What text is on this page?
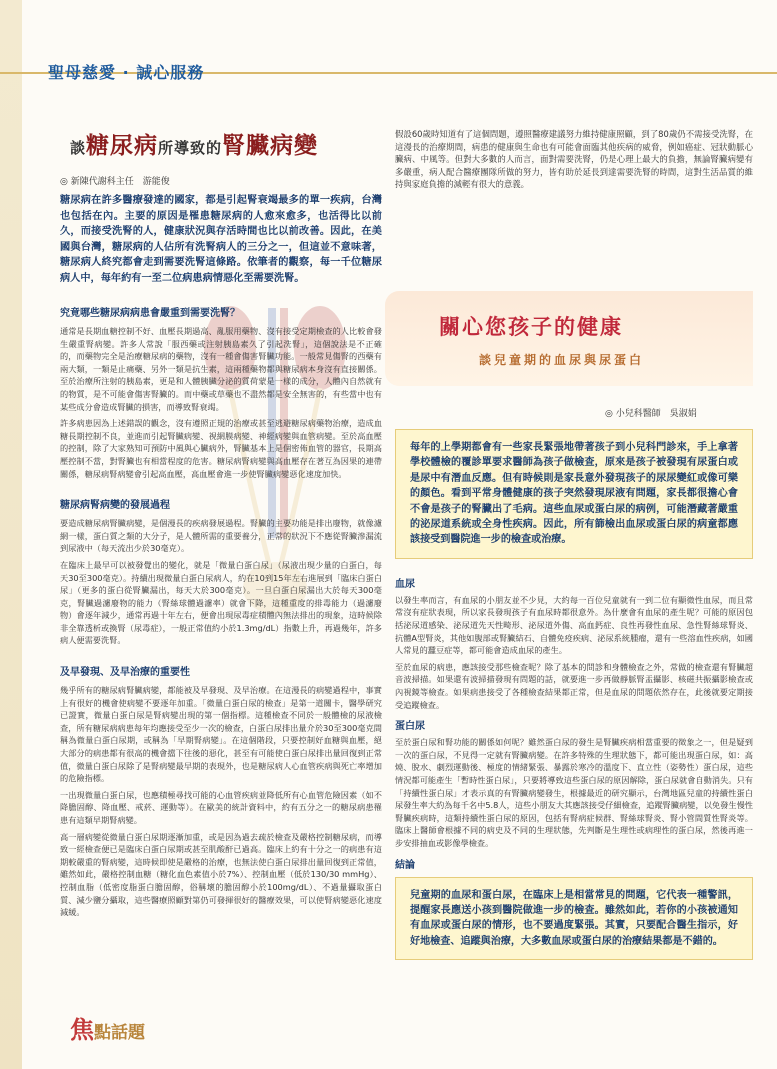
聖母慈愛 · 誠心服務
談糖尿病所導致的腎臟病變
◎ 新陳代謝科主任　游能俊

糖尿病在許多醫療發達的國家，都是引起腎衰竭最多的單一疾病，台灣也包括在內。主要的原因是罹患糖尿病的人愈來愈多，也活得比以前久，而接受洗腎的人，健康狀況與存活時間也比以前改善。因此，在美國與台灣，糖尿病的人佔所有洗腎病人的三分之一，但這並不意味著，糖尿病人終究都會走到需要洗腎這條路。依筆者的觀察，每一千位糖尿病人中，每年約有一至二位病患病情惡化至需要洗腎。

究竟哪些糖尿病病患會嚴重到需要洗腎？

通常是長期血糖控制不好、血壓長期過高、亂服用藥物、沒有接受定期檢查的人比較會發生嚴重腎病變。許多人常說「服西藥或注射胰島素久了引起洗腎」，這個說法是不正確的，而藥物完全是治療糖尿病的藥物，沒有一種會傷害腎臟功能。一般常見傷腎的西藥有兩大類，一類是止痛藥、另外一類是抗生素，這兩種藥物都與糖尿病本身沒有直接關係。至於治療所注射的胰島素，更是和人體胰臟分泌的質荷蒙是一樣的成分，人體內自然就有的物質，是不可能會傷害腎臟的。而中藥或草藥也不盡然都是安全無害的，有些當中也有某些成分會造成腎臟的損害，而導致腎衰竭。

許多病患因為上述錯誤的觀念，沒有遵照正規的治療或甚至逃避糖尿病藥物治療，造成血糖長期控制不良，並進而引起腎臟病變、視網膜病變、神經病變與血管病變。至於高血壓的控制，除了大家熟知可預防中風與心臟病外，腎臟基本上是個密佈血管的器官，長期高壓控制不當，對腎臟也有相當程度的危害。糖尿病腎病變與高血壓存在著互為因果的連帶關係，糖尿病腎病變會引起高血壓，高血壓會進一步使腎臟病變惡化速度加快。

糖尿病腎病變的發展過程

要造成糖尿病腎臟病變，是個漫長的疾病發展過程。腎臟的主要功能是排出廢物，就像濾網一樣，蛋白質之類的大分子，是人體所需的重要養分，正常的狀況下不應從腎臟滲漏流到尿液中（每天流出少於30毫克）。

在臨床上最早可以被發覺出的變化，就是「微量白蛋白尿」（尿液出現少量的白蛋白，每天30至300毫克）。持續出現微量白蛋白尿病人，約在10到15年左右進展到「臨床白蛋白尿」（更多的蛋白從腎臟漏出，每天大於300毫克）。一旦白蛋白尿漏出大於每天300毫克，腎臟過濾廢物的能力（腎絲球體過濾率）就會下降，這種重度的排毒能力（過濾廢物）會逐年減少，通常再過十年左右，便會出現尿毒症積體內無法排出的現象，這時候除非全靠透析或換腎（尿毒症），一般正常值約小於1.3mg/dL）指數上升，再過幾年，許多病人便需要洗腎。

及早發現、及早治療的重要性

幾乎所有的糖尿病腎臟病變，都能被及早發現、及早治療。在這漫長的病變過程中，事實上有很好的機會使病變不要逐年加重。「微量白蛋白尿的檢查」是第一道關卡，醫學研究已證實，微量白蛋白尿是腎病變出現的第一個指標。這種檢查不同於一般體檢的尿液檢查，所有糖尿病病患每年均應接受至少一次的檢查，白蛋白尿排出量介於30至300毫克間稱為微量白蛋白尿期，或稱為「早期腎病變」。在這個階段，只要控制好血糖與血壓，絕大部分的病患都有很高的機會擋下往後的惡化，甚至有可能使白蛋白尿排出量回復到正常值，微量白蛋白尿除了是腎病變最早期的表現外，也是糖尿病人心血管疾病與死亡率增加的危險指標。

一出現微量白蛋白尿，也應積極尋找可能的心血管疾病並降低所有心血管危險因素（如不降膽固醇、降血壓、戒菸、運動等）。在歐美的統計資料中，約有五分之一的糖尿病患罹患有這類早期腎病變。

高一層病變從微量白蛋白尿期逐漸加重，或是因為過去疏於檢查及嚴格控制糖尿病，而導致一經檢查便已是臨床白蛋白尿期或甚至肌酸酐已過高。臨床上約有十分之一的病患有這期較嚴重的腎病變，這時候即使是嚴格的治療，也無法使白蛋白尿排出量回復到正常值，雖然如此，嚴格控制血糖（糖化血色素值小於7%）、控制血壓（低於130/30 mmHg）、控制血脂（低密度脂蛋白膽固醇，俗稱壞的膽固醇小於100mg/dL）、不過量攝取蛋白質、減少鹽分攝取，這些醫療照顧對第仍可發揮很好的醫療效果，可以使腎病變惡化速度減緩。

焦點話題

假設60歲時知道有了這個問題，遵照醫療建議努力維持健康照顧，到了80歲仍不需接受洗腎，在這漫長的治療期間，病患的健康與生命也有可能會面臨其他疾病的威脅，例如癌症、冠狀動脈心臟病、中風等。但對大多數的人而言，面對需要洗腎，仍是心理上最大的負擔，無論腎臟病變有多嚴重，病人配合醫療團隊所做的努力，皆有助於延長到達需要洗腎的時間，這對生活品質的維持與家庭負擔的減輕有很大的意義。

關心您孩子的健康
談兒童期的血尿與尿蛋白
◎ 小兒科醫師　吳淑娟

每年的上學期都會有一些家長緊張地帶著孩子到小兒科門診來，手上拿著學校體檢的覆診單要求醫師為孩子做檢查，原來是孩子被發現有尿蛋白或是尿中有潛血反應。但有時候則是家長意外發現孩子的尿尿變紅或像可樂的顏色。看到平常身體健康的孩子突然發現尿液有問題，家長都很擔心會不會是孩子的腎臟出了毛病。這些血尿或蛋白尿的病例，可能潛藏著嚴重的泌尿道系統或全身性疾病。因此，所有篩檢出血尿或蛋白尿的病童都應該接受到醫院進一步的檢查或治療。

血尿

以發生率而言，有血尿的小朋友並不少見，大約每一百位兒童就有一到二位有顯微性血尿，而且常常沒有症狀表現，所以家長發現孩子有血尿時都很意外。為什麼會有血尿的產生呢？可能的原因包括泌尿道感染、泌尿道先天性畸形、泌尿道外傷、高血鈣症、良性再發性血尿、急性腎絲球腎炎、抗體A型腎炎，其他如腹部或腎臟結石、自體免疫疾病、泌尿系統腫瘤，還有一些溶血性疾病，如國人常見的蠶豆症等，都可能會造成血尿的產生。

至於血尿的病患，應該接受那些檢查呢？除了基本的問診和身體檢查之外，常做的檢查還有腎臟超音波掃描。如果還有波掃描發現有問題的話，就要進一步再做靜脈腎盂攝影、核磁共振攝影檢查或內視鏡等檢查。如果病患接受了各種檢查結果都正常，但是血尿的問題依然存在，此後就要定期接受追蹤檢查。

蛋白尿

至於蛋白尿和腎功能的關係如何呢？雖然蛋白尿的發生是腎臟疾病相當重要的徵象之一，但是疑到一次的蛋白尿，不見得一定就有腎臟病變。在許多特殊的生理狀態下，都可能出現蛋白尿，如：高燒、脫水、劇烈運動後、極度的情緒緊張、暴露於寒冷的溫度下、直立性（姿勢性）蛋白尿，這些情況都可能產生「暫時性蛋白尿」，只要將導致這些蛋白尿的原因解除，蛋白尿就會自動消失。只有「持續性蛋白尿」才表示真的有腎臟病變發生，根據最近的研究顯示，台灣地區兒童的持續性蛋白尿發生率大約為每千名中5.8人，這些小朋友大其應該接受仔細檢查，追蹤腎臟病變，以免發生慢性腎臟疾病時，這類持續性蛋白尿的原因，包括有腎病症候群、腎絲球腎炎、腎小管間質性腎炎等。臨床上醫師會根據不同的病史及不同的生理狀態，先判斷是生理性或病理性的蛋白尿，然後再進一步安排抽血或影像學檢查。

結論

兒童期的血尿和蛋白尿，在臨床上是相當常見的問題，它代表一種警訊，提醒家長應送小孩到醫院做進一步的檢查。雖然如此，若你的小孩被通知有血尿或蛋白尿的情形，也不要過度緊張。其實，只要配合醫生指示，好好地檢查、追蹤與治療，大多數血尿或蛋白尿的治療結果都是不錯的。
